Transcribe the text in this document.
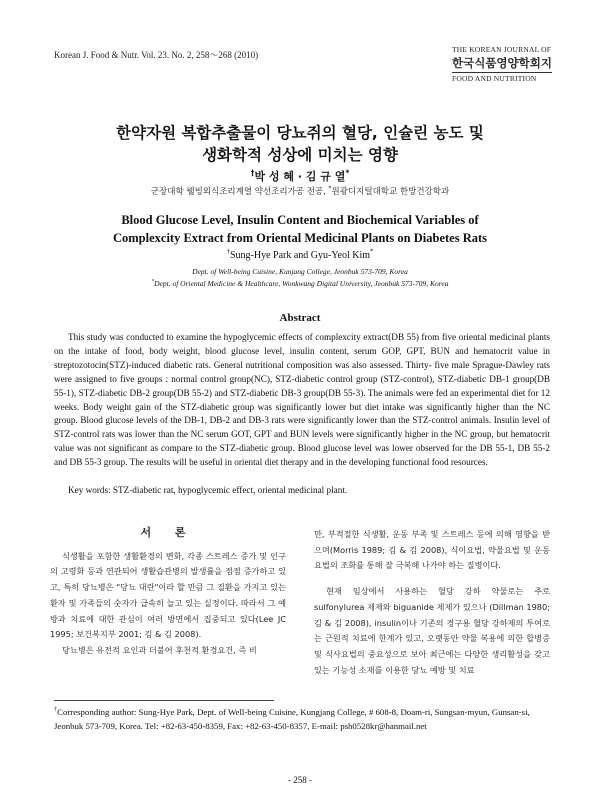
Korean J. Food & Nutr. Vol. 23. No. 2, 258～268 (2010)
THE KOREAN JOURNAL OF
한국식품영양학회지
FOOD AND NUTRITION
한약자원 복합추출물이 당뇨쥐의 혈당, 인슐린 농도 및
생화학적 성상에 미치는 영향
†박 성 혜 · 김 규 열*
군장대학 웰빙외식조리계열 약선조리가공 전공, *원광디지털대학교 한방건강학과
Blood Glucose Level, Insulin Content and Biochemical Variables of
Complexcity Extract from Oriental Medicinal Plants on Diabetes Rats
†Sung-Hye Park and Gyu-Yeol Kim*
Dept. of Well-being Cuisine, Kunjang College, Jeonbuk 573-709, Korea
*Dept. of Oriental Medicine & Healthcare, Wonkwang Digital University, Jeonbuk 573-709, Korea
Abstract
This study was conducted to examine the hypoglycemic effects of complexcity extract(DB 55) from five oriental medicinal plants on the intake of food, body weight, blood glucose level, insulin content, serum GOP, GPT, BUN and hematocrit value in streptozotocin(STZ)-induced diabetic rats. General nutritional composition was also assessed. Thirty- five male Sprague-Dawley rats were assigned to five groups : normal control group(NC), STZ-diabetic control group (STZ-control), STZ-diabetic DB-1 group(DB 55-1), STZ-diabetic DB-2 group(DB 55-2) and STZ-diabetic DB-3 group(DB 55-3). The animals were fed an experimental diet for 12 weeks. Body weight gain of the STZ-diabetic group was significantly lower but diet intake was significantly higher than the NC group. Blood glucose levels of the DB-1, DB-2 and DB-3 rats were significantly lower than the STZ-control animals. Insulin level of STZ-control rats was lower than the NC serum GOT, GPT and BUN levels were significantly higher in the NC group, but hematocrit value was not significant as compare to the STZ-diabetic group. Blood glucose level was lower observed for the DB 55-1, DB 55-2 and DB 55-3 group. The results will be useful in oriental diet therapy and in the developing functional food resources.
Key words: STZ-diabetic rat, hypoglycemic effect, oriental medicinal plant.
서 론

식생활을 포함한 생활환경의 변화, 각종 스트레스 증가 및 인구의 고령화 등과 연관되어 생활습관병의 발생률을 점점 증가하고 있고, 특히 당뇨병은 "당뇨 대란"이라 할 만큼 그 질환을 가지고 있는 환자 및 가족들의 숫자가 급속히 늘고 있는 실정이다. 따라서 그 예방과 치료에 대한 관심이 여러 방면에서 집중되고 있다(Lee JC 1995; 보건복지부 2001; 김 & 김 2008).

당뇨병은 유전적 요인과 더불어 후천적 환경요건, 즉 비

만, 부적절한 식생활, 운동 부족 및 스트레스 등에 의해 영향을 받으며(Morris 1989; 김 & 김 2008), 식이요법, 약물요법 및 운동요법의 조화를 통해 잘 극복해 나가야 하는 질병이다.

현재 임상에서 사용하는 혈당 강하 약물로는 주로 sulfonylurea 제제와 biguanide 제제가 있으나 (Dillman 1980; 김 & 김 2008), insulin이나 기존의 경구용 혈당 강하제의 투여로는 근원적 치료에 한계가 있고, 오랫동안 약물 복용에 의한 합병증 및 식사요법의 중요성으로 보아 최근에는 다양한 생리활성을 갖고 있는 기능성 소재를 이용한 당뇨 예방 및 치료

†Corresponding author: Sung-Hye Park, Dept. of Well-being Cuisine, Kungjang College, # 608-8, Doam-ri, Sungsan-myun, Gunsan-si, Jeonbuk 573-709, Korea. Tel: +82-63-450-8359, Fax: +82-63-450-8357, E-mail: psh0528kr@hanmail.net
- 258 -
